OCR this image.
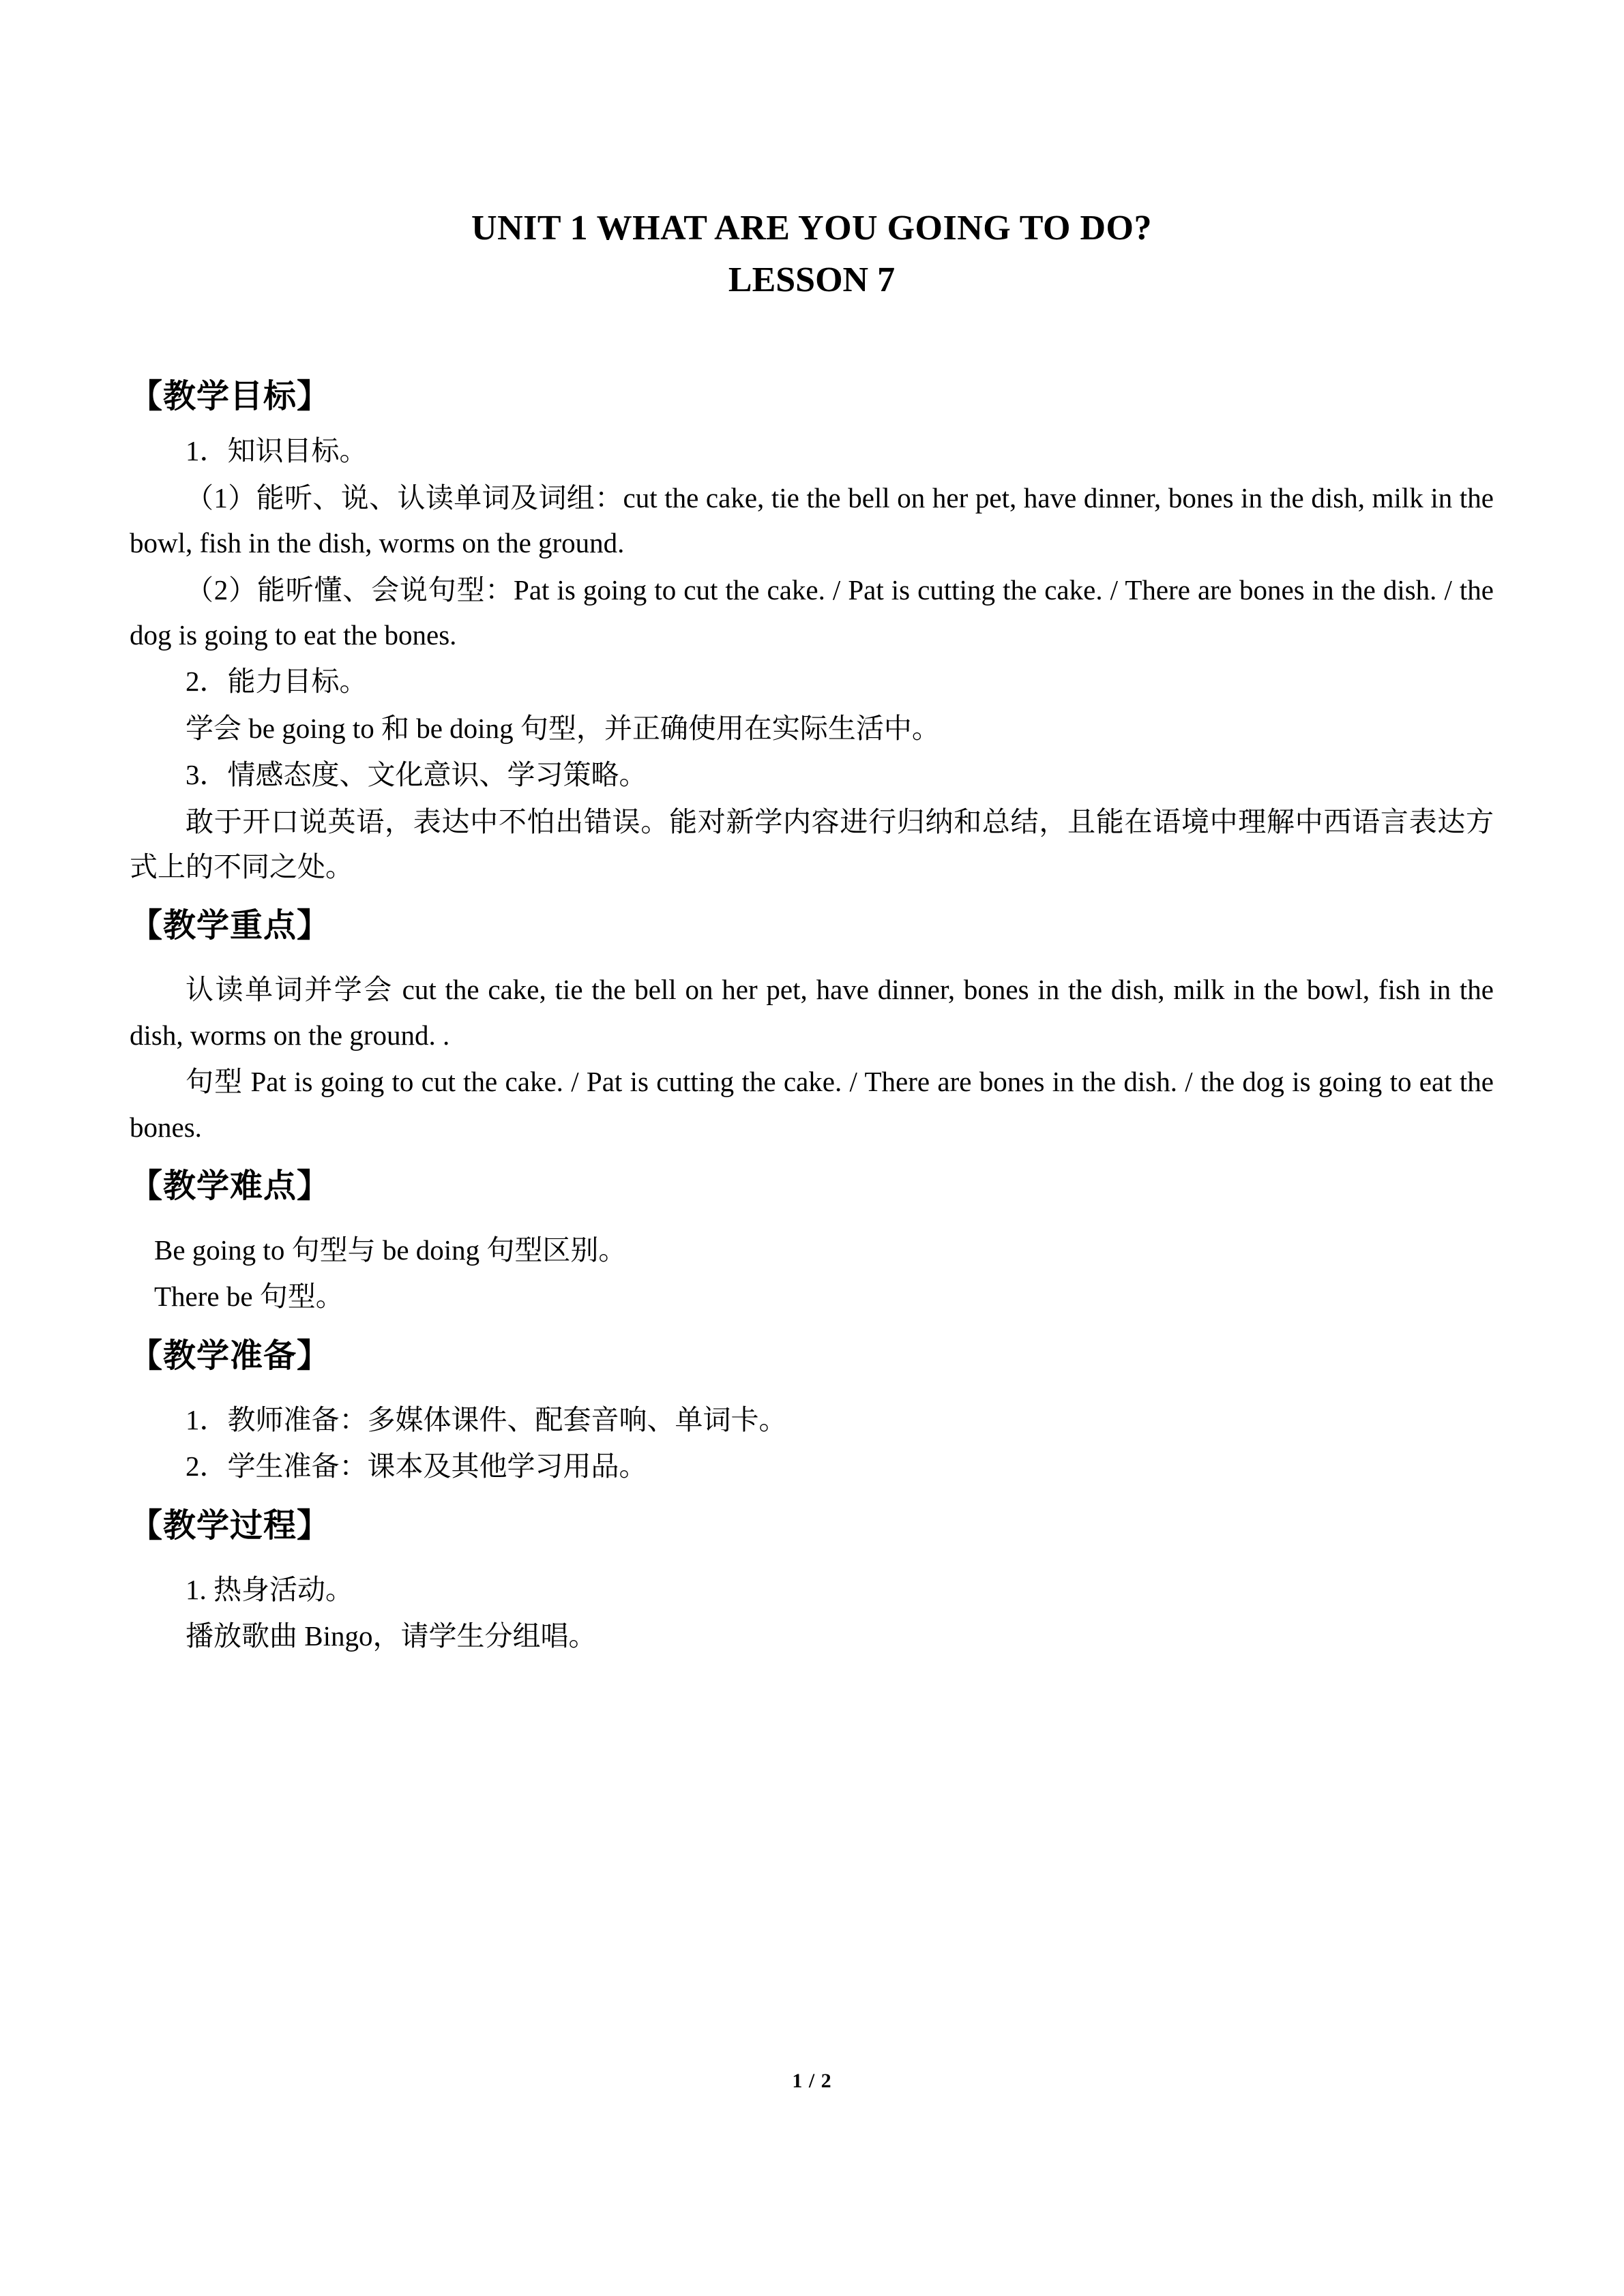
UNIT 1 WHAT ARE YOU GOING TO DO?
LESSON 7
【教学目标】
1．知识目标。
（1）能听、说、认读单词及词组：cut the cake, tie the bell on her pet, have dinner, bones in the dish, milk in the bowl, fish in the dish, worms on the ground.
（2）能听懂、会说句型：Pat is going to cut the cake. / Pat is cutting the cake. / There are bones in the dish. / the dog is going to eat the bones.
2．能力目标。
学会 be going to 和 be doing 句型，并正确使用在实际生活中。
3．情感态度、文化意识、学习策略。
敢于开口说英语，表达中不怕出错误。能对新学内容进行归纳和总结，且能在语境中理解中西语言表达方式上的不同之处。
【教学重点】
认读单词并学会 cut the cake, tie the bell on her pet, have dinner, bones in the dish, milk in the bowl, fish in the dish, worms on the ground. .
句型 Pat is going to cut the cake. / Pat is cutting the cake. / There are bones in the dish. / the dog is going to eat the bones.
【教学难点】
Be going to 句型与 be doing 句型区别。
There be 句型。
【教学准备】
1．教师准备：多媒体课件、配套音响、单词卡。
2．学生准备：课本及其他学习用品。
【教学过程】
1. 热身活动。
播放歌曲 Bingo，请学生分组唱。
1 / 2
